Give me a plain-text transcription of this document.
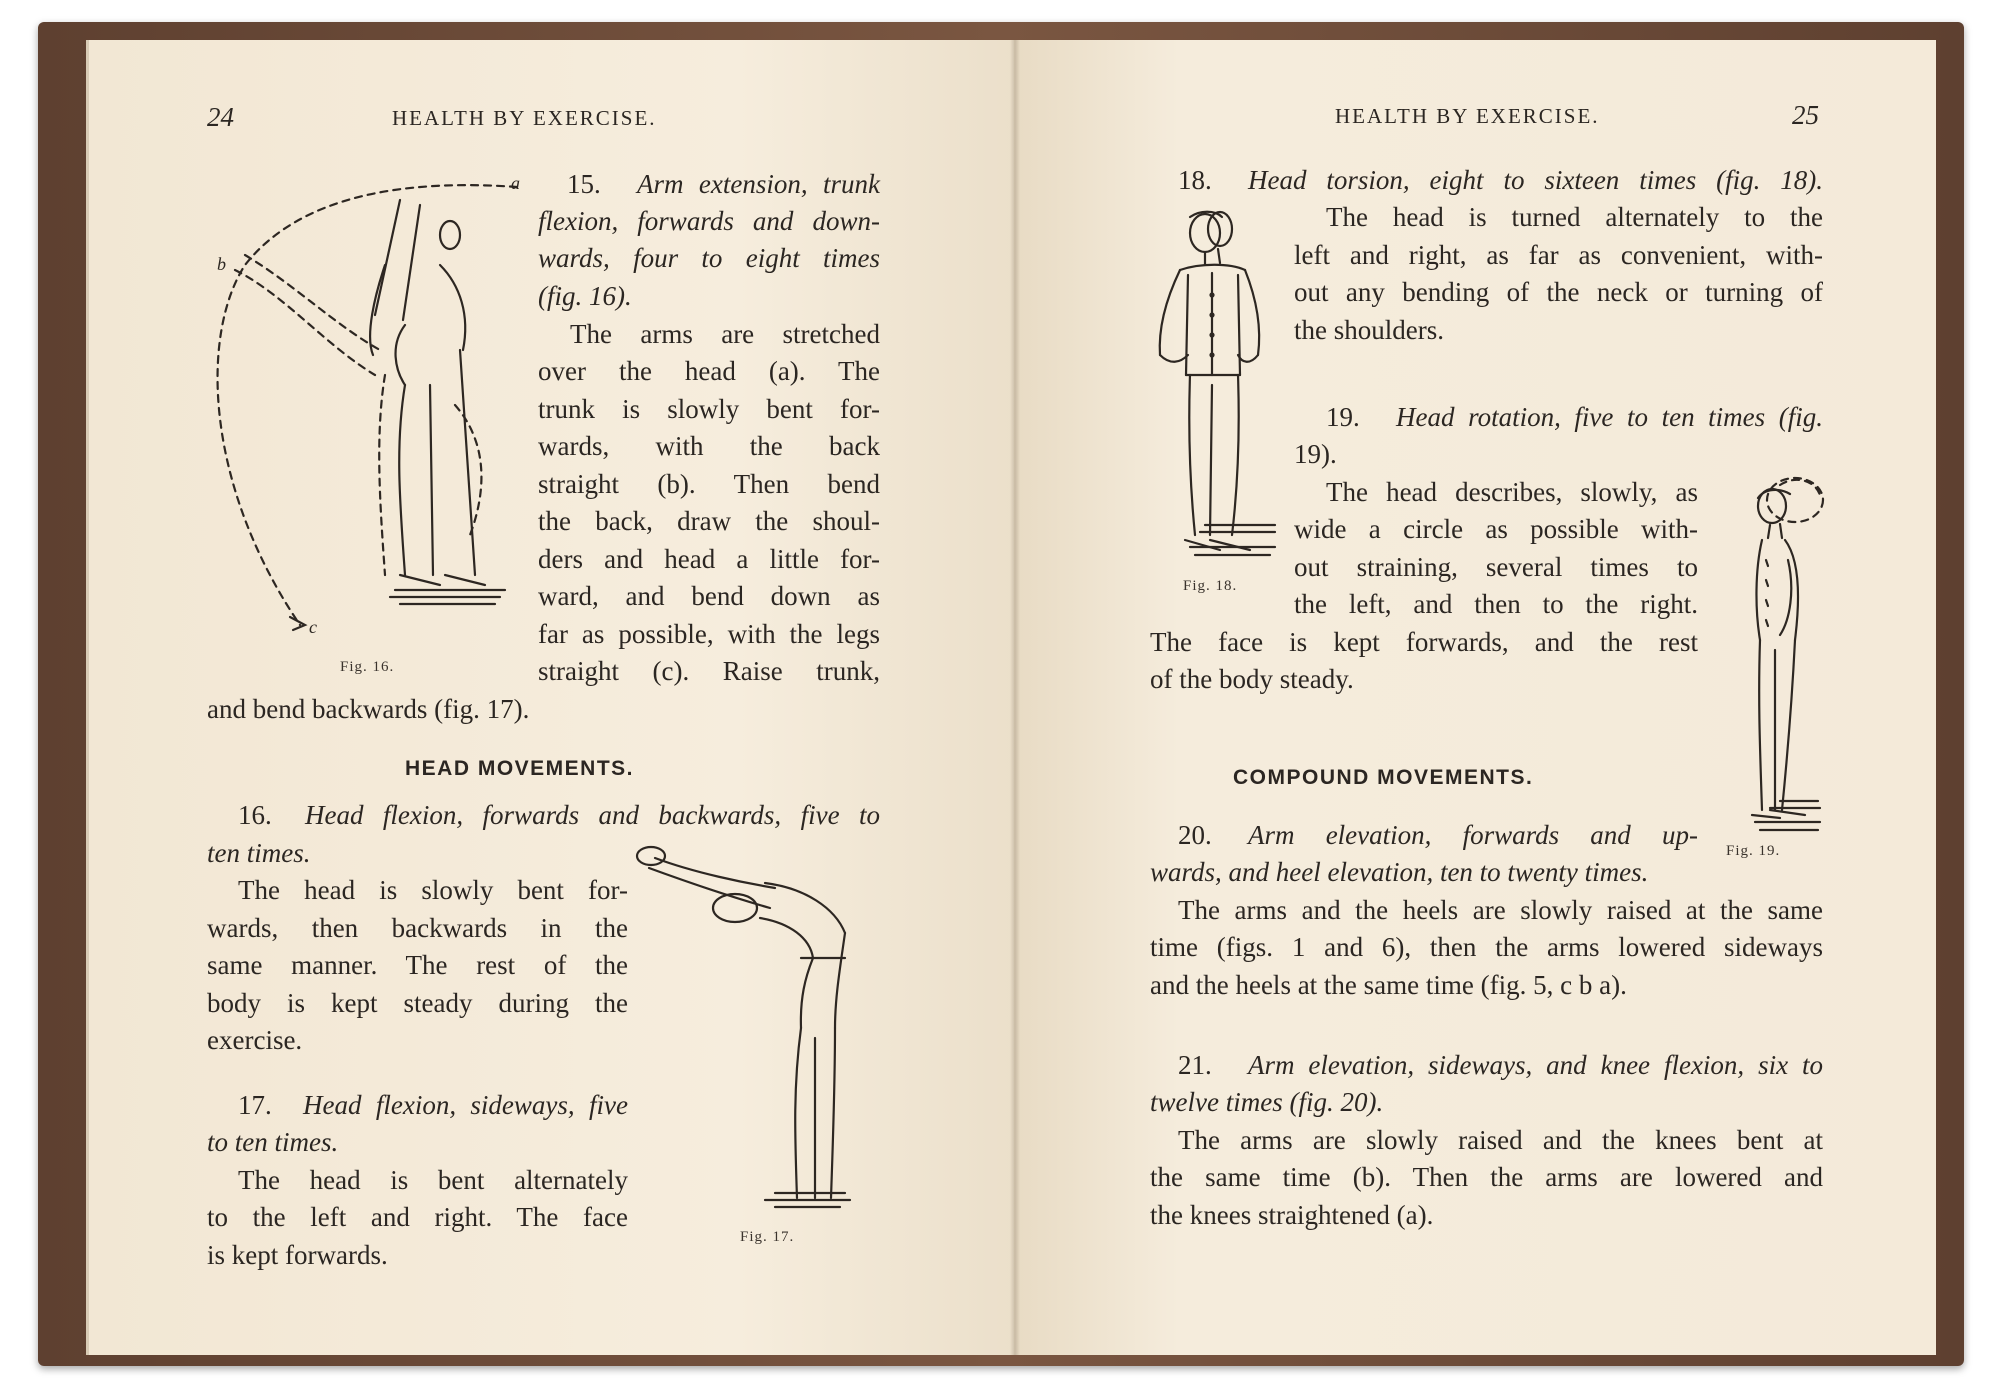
24	HEALTH BY EXERCISE.
a
b
c
Fig. 16.
15. Arm extension, trunk
flexion, forwards and down-
wards, four to eight times
(fig. 16).
The arms are stretched
over the head (a). The
trunk is slowly bent for-
wards, with the back
straight (b). Then bend
the back, draw the shoul-
ders and head a little for-
ward, and bend down as
far as possible, with the legs
straight (c). Raise trunk,
and bend backwards (fig. 17).
HEAD MOVEMENTS.
16. Head flexion, forwards and backwards, five to
ten times.
The head is slowly bent for-
wards, then backwards in the
same manner. The rest of the
body is kept steady during the
exercise.
17. Head flexion, sideways, five
to ten times.
The head is bent alternately
to the left and right. The face
is kept forwards.
Fig. 17.
HEALTH BY EXERCISE.	25
18. Head torsion, eight to sixteen times (fig. 18).
The head is turned alternately to the
left and right, as far as convenient, with-
out any bending of the neck or turning of
the shoulders.
Fig. 18.
19. Head rotation, five to ten times (fig.
19).
The head describes, slowly, as
wide a circle as possible with-
out straining, several times to
the left, and then to the right.
The face is kept forwards, and the rest
of the body steady.
Fig. 19.
COMPOUND MOVEMENTS.
20. Arm elevation, forwards and up-
wards, and heel elevation, ten to twenty times.
The arms and the heels are slowly raised at the same
time (figs. 1 and 6), then the arms lowered sideways
and the heels at the same time (fig. 5, c b a).
21. Arm elevation, sideways, and knee flexion, six to
twelve times (fig. 20).
The arms are slowly raised and the knees bent at
the same time (b). Then the arms are lowered and
the knees straightened (a).
